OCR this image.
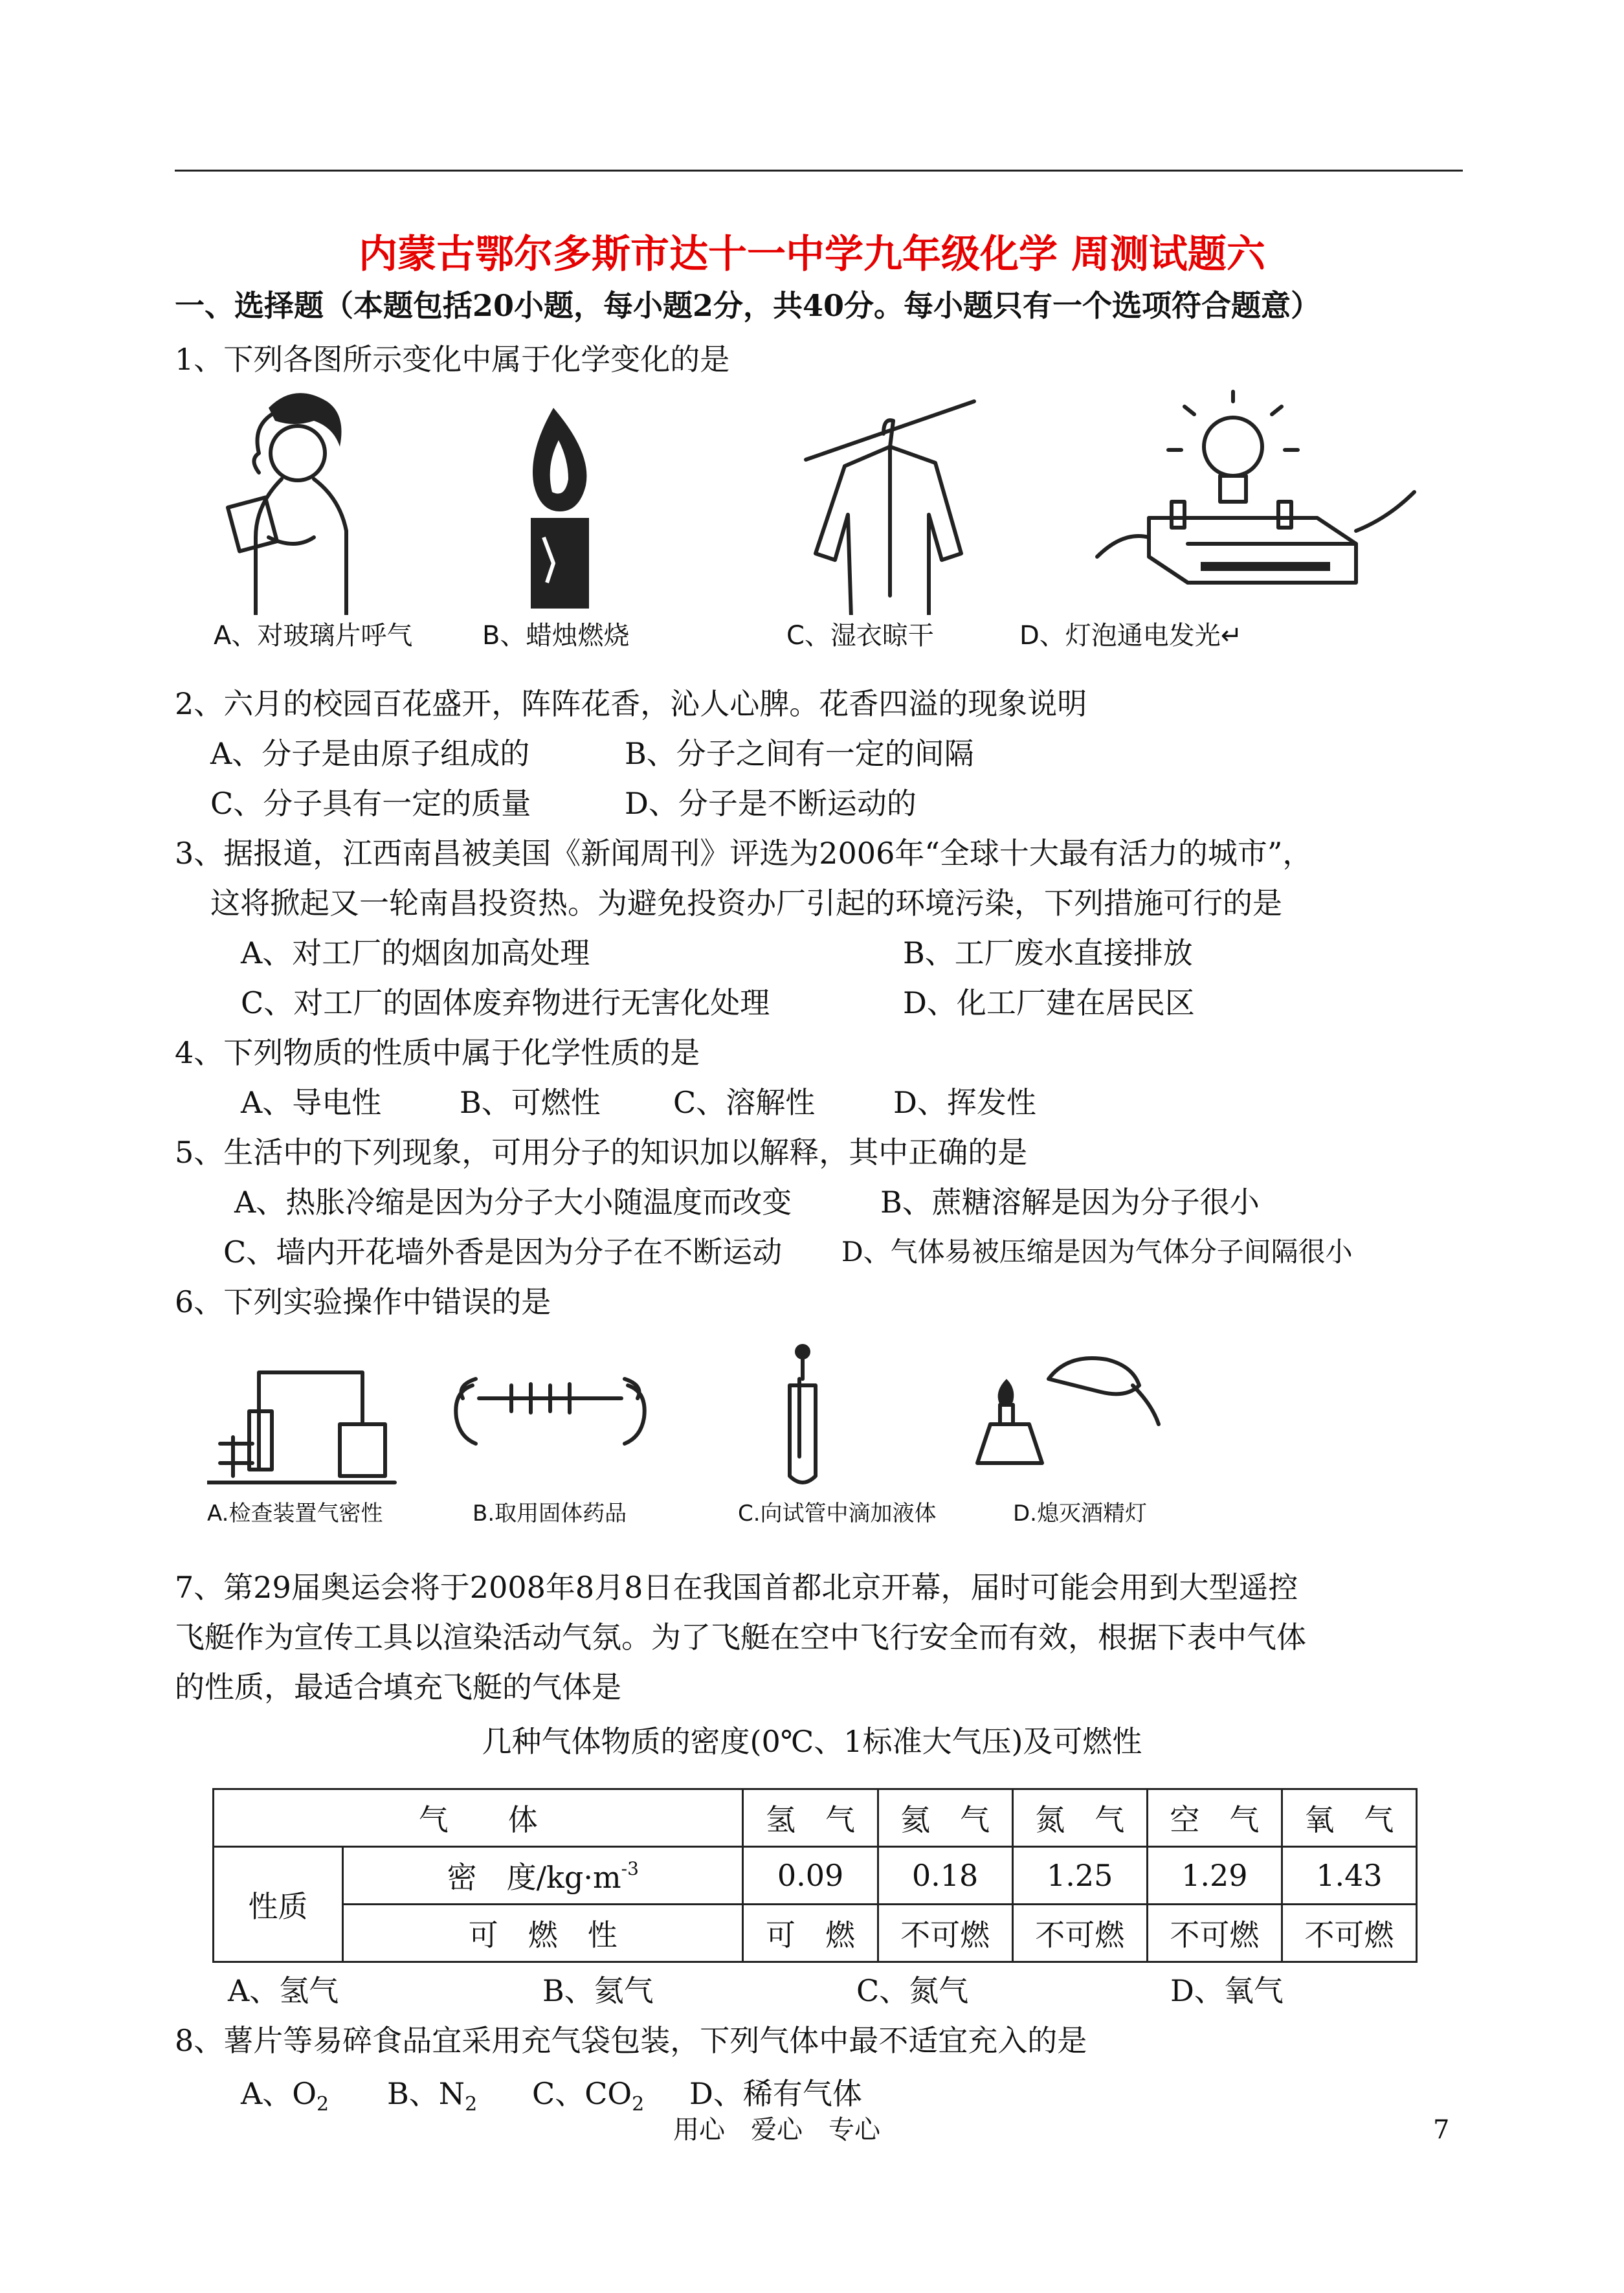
内蒙古鄂尔多斯市达十一中学九年级化学 周测试题六
一、选择题（本题包括20小题，每小题2分，共40分。每小题只有一个选项符合题意）
1、下列各图所示变化中属于化学变化的是
A、对玻璃片呼气	B、蜡烛燃烧	C、湿衣晾干	D、灯泡通电发光↵
2、六月的校园百花盛开，阵阵花香，沁人心脾。花香四溢的现象说明
A、分子是由原子组成的	B、分子之间有一定的间隔
C、分子具有一定的质量	D、分子是不断运动的
3、据报道，江西南昌被美国《新闻周刊》评选为2006年“全球十大最有活力的城市”，
这将掀起又一轮南昌投资热。为避免投资办厂引起的环境污染，下列措施可行的是
A、对工厂的烟囱加高处理	B、工厂废水直接排放
C、对工厂的固体废弃物进行无害化处理	D、化工厂建在居民区
4、下列物质的性质中属于化学性质的是
A、导电性	B、可燃性 C、溶解性	D、挥发性
5、生活中的下列现象，可用分子的知识加以解释，其中正确的是
A、热胀冷缩是因为分子大小随温度而改变	B、蔗糖溶解是因为分子很小
C、墙内开花墙外香是因为分子在不断运动 D、气体易被压缩是因为气体分子间隔很小
6、下列实验操作中错误的是
A.检查装置气密性	B.取用固体药品	C.向试管中滴加液体	D.熄灭酒精灯
7、第29届奥运会将于2008年8月8日在我国首都北京开幕，届时可能会用到大型遥控
飞艇作为宣传工具以渲染活动气氛。为了飞艇在空中飞行安全而有效，根据下表中气体
的性质，最适合填充飞艇的气体是
几种气体物质的密度(0℃、1标准大气压)及可燃性
气　　体		氢　气	氦　气	氮　气	空　气	氧　气
性质	密　度$/kg\cdot m^{-3}$	0.09	0.18	1.25	1.29	1.43
	可　燃　性	可　燃	不可燃	不可燃	不可燃	不可燃
A、氢气	B、氦气	C、氮气	D、氧气
8、薯片等易碎食品宜采用充气袋包装，下列气体中最不适宜充入的是
A、$O_2$ B、$N_2$ C、$CO_2$ D、稀有气体
用心　爱心　专心	7
